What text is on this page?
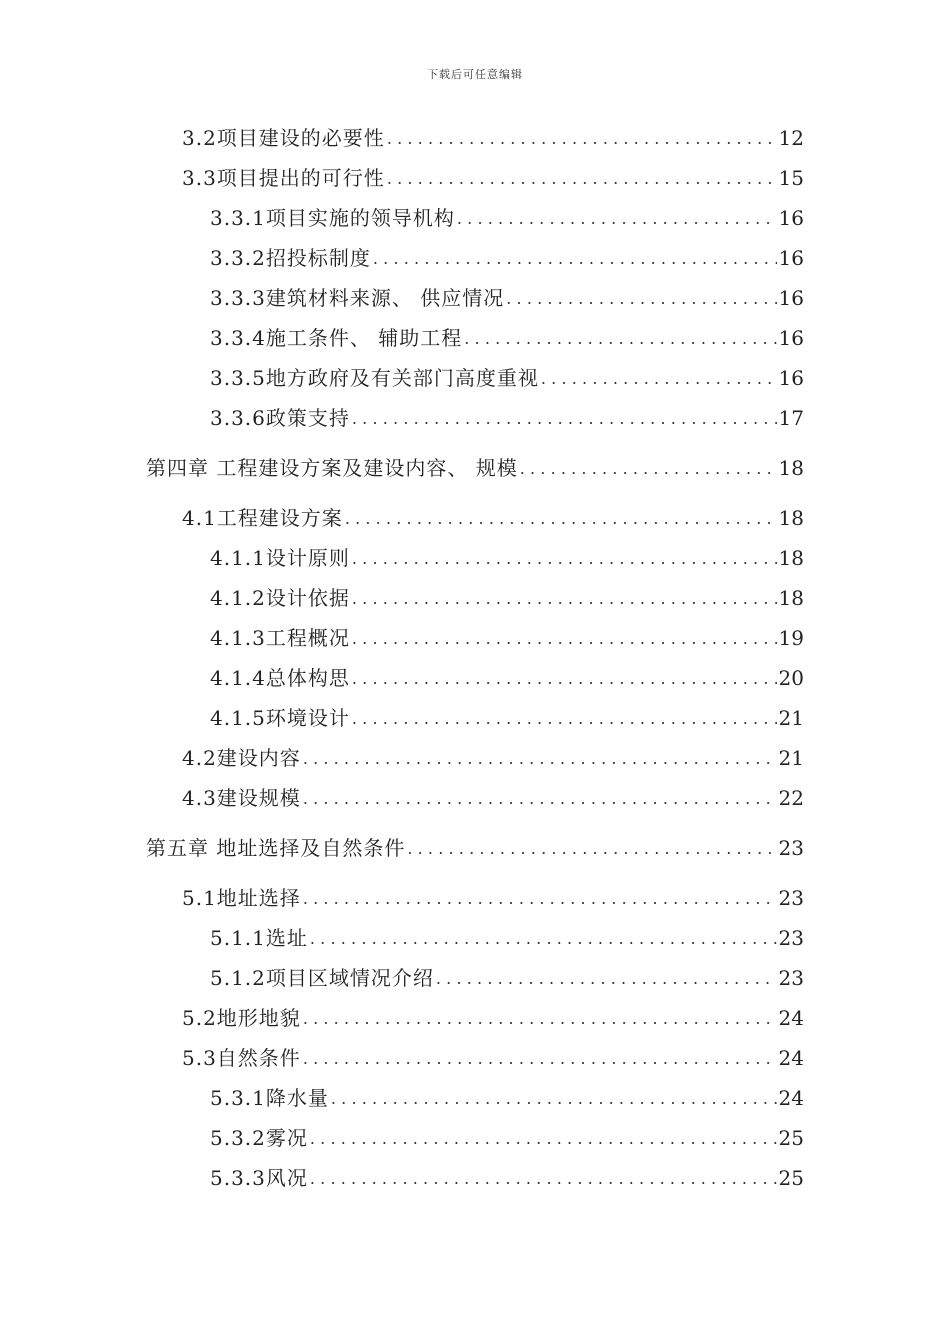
下载后可任意编辑
3.2项目建设的必要性 .....	12
3.3项目提出的可行性 .....	15
3.3.1项目实施的领导机构 .....	16
3.3.2招投标制度 .....	16
3.3.3建筑材料来源、 供应情况 .....	16
3.3.4施工条件、 辅助工程 .....	16
3.3.5地方政府及有关部门高度重视 .....	16
3.3.6政策支持 .....	17
第四章 工程建设方案及建设内容、 规模 .....	18
4.1工程建设方案 .....	18
4.1.1设计原则 .....	18
4.1.2设计依据 .....	18
4.1.3工程概况 .....	19
4.1.4总体构思 .....	20
4.1.5环境设计 .....	21
4.2建设内容 .....	21
4.3建设规模 .....	22
第五章 地址选择及自然条件 .....	23
5.1地址选择 .....	23
5.1.1选址 .....	23
5.1.2项目区域情况介绍 .....	23
5.2地形地貌 .....	24
5.3自然条件 .....	24
5.3.1降水量 .....	24
5.3.2雾况 .....	25
5.3.3风况 .....	25
